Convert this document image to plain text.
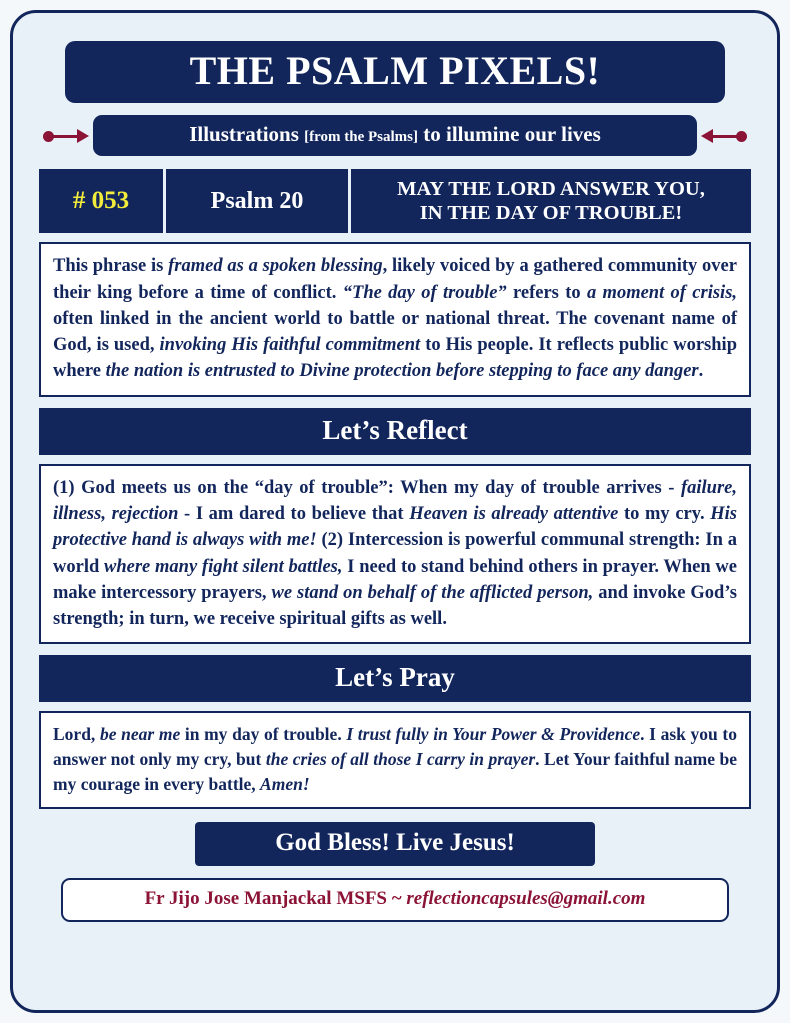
THE PSALM PIXELS!
Illustrations [from the Psalms] to illumine our lives
# 053	Psalm 20	MAY THE LORD ANSWER YOU,
IN THE DAY OF TROUBLE!
This phrase is framed as a spoken blessing, likely voiced by a gathered community over their king before a time of conflict. “The day of trouble” refers to a moment of crisis, often linked in the ancient world to battle or national threat. The covenant name of God, is used, invoking His faithful commitment to His people. It reflects public worship where the nation is entrusted to Divine protection before stepping to face any danger.
Let’s Reflect
(1) God meets us on the “day of trouble”: When my day of trouble arrives - failure, illness, rejection - I am dared to believe that Heaven is already attentive to my cry. His protective hand is always with me! (2) Intercession is powerful communal strength: In a world where many fight silent battles, I need to stand behind others in prayer. When we make intercessory prayers, we stand on behalf of the afflicted person, and invoke God’s strength; in turn, we receive spiritual gifts as well.
Let’s Pray
Lord, be near me in my day of trouble. I trust fully in Your Power & Providence. I ask you to answer not only my cry, but the cries of all those I carry in prayer. Let Your faithful name be my courage in every battle, Amen!
God Bless! Live Jesus!
Fr Jijo Jose Manjackal MSFS ~ reflectioncapsules@gmail.com
